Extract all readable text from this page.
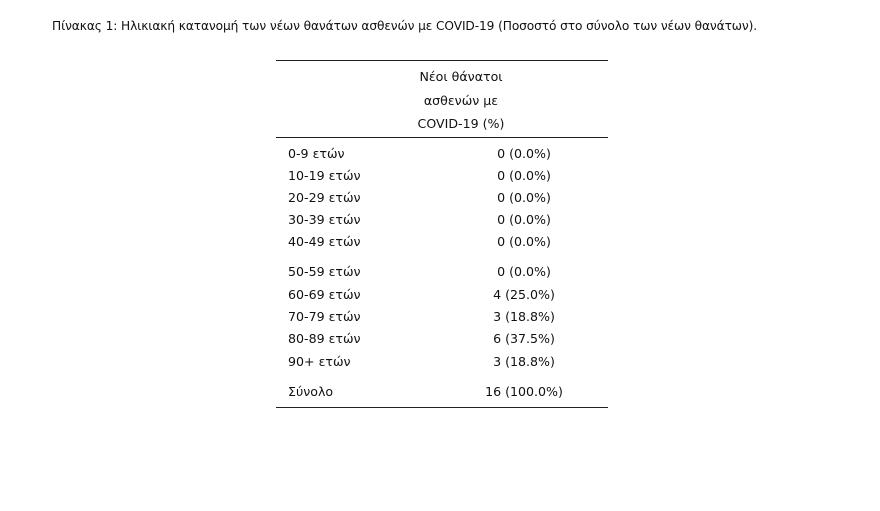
Πίνακας 1: Ηλικιακή κατανομή των νέων θανάτων ασθενών με COVID-19 (Ποσοστό στο σύνολο των νέων θανάτων).
Νέοι θάνατοι
ασθενών με
COVID-19 (%)
0-9 ετών	0 (0.0%)
10-19 ετών	0 (0.0%)
20-29 ετών	0 (0.0%)
30-39 ετών	0 (0.0%)
40-49 ετών	0 (0.0%)
50-59 ετών	0 (0.0%)
60-69 ετών	4 (25.0%)
70-79 ετών	3 (18.8%)
80-89 ετών	6 (37.5%)
90+ ετών	3 (18.8%)
Σύνολο	16 (100.0%)
